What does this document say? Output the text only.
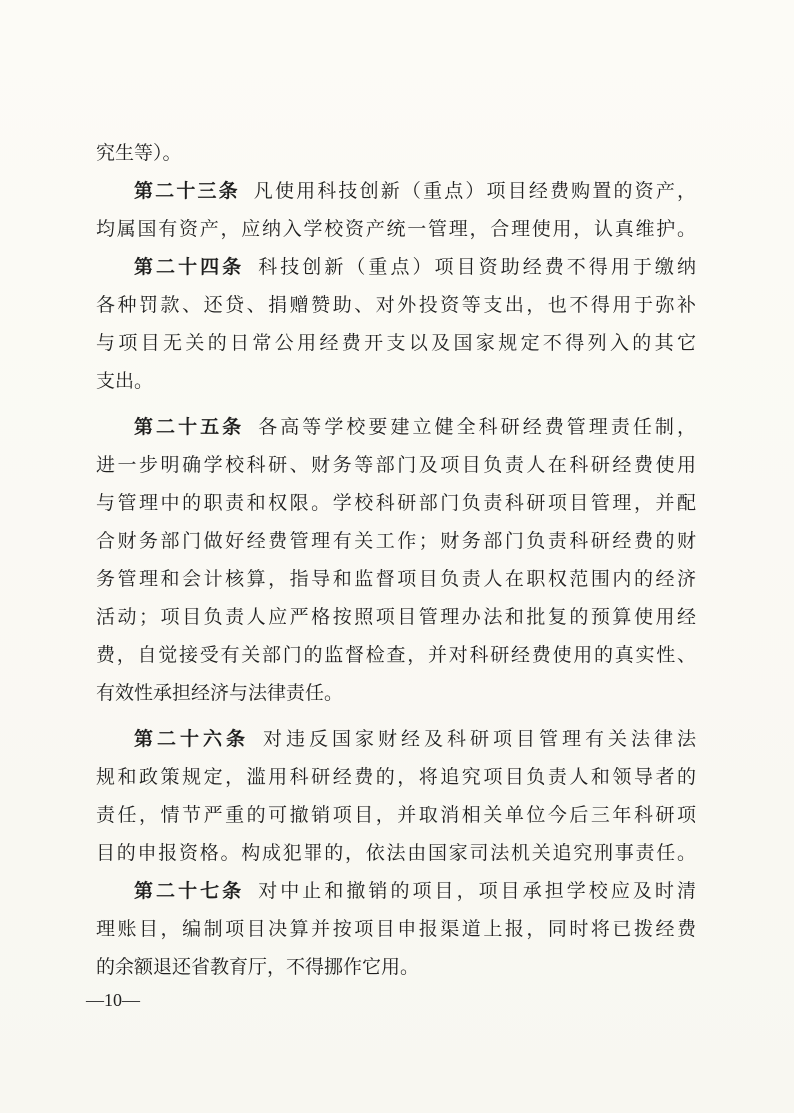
究生等）。
第二十三条 凡使用科技创新（重点）项目经费购置的资产，
均属国有资产，应纳入学校资产统一管理，合理使用，认真维护。
第二十四条 科技创新（重点）项目资助经费不得用于缴纳
各种罚款、还贷、捐赠赞助、对外投资等支出，也不得用于弥补
与项目无关的日常公用经费开支以及国家规定不得列入的其它
支出。
第二十五条 各高等学校要建立健全科研经费管理责任制，
进一步明确学校科研、财务等部门及项目负责人在科研经费使用
与管理中的职责和权限。学校科研部门负责科研项目管理，并配
合财务部门做好经费管理有关工作；财务部门负责科研经费的财
务管理和会计核算，指导和监督项目负责人在职权范围内的经济
活动；项目负责人应严格按照项目管理办法和批复的预算使用经
费，自觉接受有关部门的监督检查，并对科研经费使用的真实性、
有效性承担经济与法律责任。
第二十六条 对违反国家财经及科研项目管理有关法律法
规和政策规定，滥用科研经费的，将追究项目负责人和领导者的
责任，情节严重的可撤销项目，并取消相关单位今后三年科研项
目的申报资格。构成犯罪的，依法由国家司法机关追究刑事责任。
第二十七条 对中止和撤销的项目，项目承担学校应及时清
理账目，编制项目决算并按项目申报渠道上报，同时将已拨经费
的余额退还省教育厅，不得挪作它用。
—10—
